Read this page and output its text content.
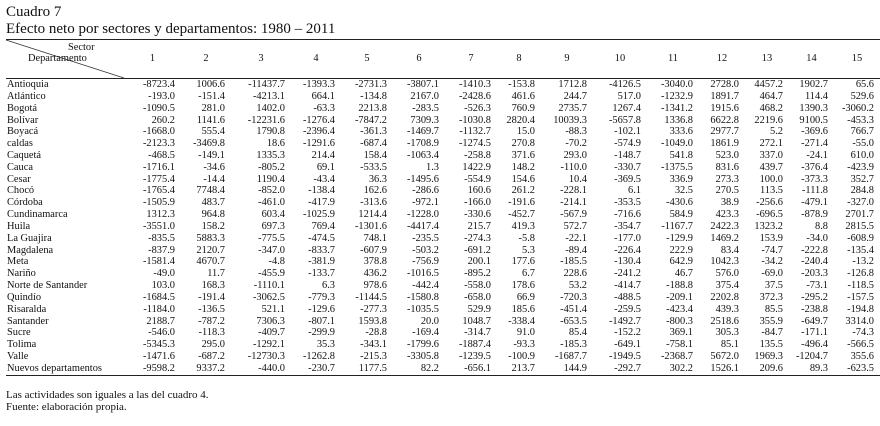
Cuadro 7
Efecto neto por sectores y departamentos: 1980 – 2011
Sector
Departamento	1	2	3	4	5	6	7	8	9	10	11	12	13	14	15
Antioquia	-8723.4	1006.6	-11437.7	-1393.3	-2731.3	-3807.1	-1410.3	-153.8	1712.8	-4126.5	-3040.0	2728.0	4457.2	1902.7	65.6
Atlántico	-193.0	-151.4	-4213.1	664.1	-134.8	2167.0	-2428.6	461.6	244.7	517.0	-1232.9	1891.7	464.7	114.4	529.6
Bogotá	-1090.5	281.0	1402.0	-63.3	2213.8	-283.5	-526.3	760.9	2735.7	1267.4	-1341.2	1915.6	468.2	1390.3	-3060.2
Bolívar	260.2	1141.6	-12231.6	-1276.4	-7847.2	7309.3	-1030.8	2820.4	10039.3	-5657.8	1336.8	6622.8	2219.6	9100.5	-453.3
Boyacá	-1668.0	555.4	1790.8	-2396.4	-361.3	-1469.7	-1132.7	15.0	-88.3	-102.1	333.6	2977.7	5.2	-369.6	766.7
caldas	-2123.3	-3469.8	18.6	-1291.6	-687.4	-1708.9	-1274.5	270.8	-70.2	-574.9	-1049.0	1861.9	272.1	-271.4	-55.0
Caquetá	-468.5	-149.1	1335.3	214.4	158.4	-1063.4	-258.8	371.6	293.0	-148.7	541.8	523.0	337.0	-24.1	610.0
Cauca	-1716.1	-34.6	-805.2	69.1	-533.5	1.3	1422.9	148.2	-110.0	-330.7	-1375.5	831.6	439.7	-376.4	-423.9
Cesar	-1775.4	-14.4	1190.4	-43.4	36.3	-1495.6	-554.9	154.6	10.4	-369.5	336.9	273.3	100.0	-373.3	352.7
Chocó	-1765.4	7748.4	-852.0	-138.4	162.6	-286.6	160.6	261.2	-228.1	6.1	32.5	270.5	113.5	-111.8	284.8
Córdoba	-1505.9	483.7	-461.0	-417.9	-313.6	-972.1	-166.0	-191.6	-214.1	-353.5	-430.6	38.9	-256.6	-479.1	-327.0
Cundinamarca	1312.3	964.8	603.4	-1025.9	1214.4	-1228.0	-330.6	-452.7	-567.9	-716.6	584.9	423.3	-696.5	-878.9	2701.7
Huila	-3551.0	158.2	697.3	769.4	-1301.6	-4417.4	215.7	419.3	572.7	-354.7	-1167.7	2422.3	1323.2	8.8	2815.5
La Guajira	-835.5	5883.3	-775.5	-474.5	748.1	-235.5	-274.3	-5.8	-22.1	-177.0	-129.9	1469.2	153.9	-34.0	-608.9
Magdalena	-837.9	2120.7	-347.0	-833.7	-607.9	-503.2	-691.2	5.3	-89.4	-226.4	222.9	83.4	-74.7	-222.8	-135.4
Meta	-1581.4	4670.7	-4.8	-381.9	378.8	-756.9	200.1	177.6	-185.5	-130.4	642.9	1042.3	-34.2	-240.4	-13.2
Nariño	-49.0	11.7	-455.9	-133.7	436.2	-1016.5	-895.2	6.7	228.6	-241.2	46.7	576.0	-69.0	-203.3	-126.8
Norte de Santander	103.0	168.3	-1110.1	6.3	978.6	-442.4	-558.0	178.6	53.2	-414.7	-188.8	375.4	37.5	-73.1	-118.5
Quindío	-1684.5	-191.4	-3062.5	-779.3	-1144.5	-1580.8	-658.0	66.9	-720.3	-488.5	-209.1	2202.8	372.3	-295.2	-157.5
Risaralda	-1184.0	-136.5	521.1	-129.6	-277.3	-1035.5	529.9	185.6	-451.4	-259.5	-423.4	439.3	85.5	-238.8	-194.8
Santander	2188.7	-787.2	7306.3	-807.1	1593.8	20.0	1048.7	-338.4	-653.5	-1492.7	-800.3	2518.6	355.9	-649.7	3314.0
Sucre	-546.0	-118.3	-409.7	-299.9	-28.8	-169.4	-314.7	91.0	85.4	-152.2	369.1	305.3	-84.7	-171.1	-74.3
Tolima	-5345.3	295.0	-1292.1	35.3	-343.1	-1799.6	-1887.4	-93.3	-185.3	-649.1	-758.1	85.1	135.5	-496.4	-566.5
Valle	-1471.6	-687.2	-12730.3	-1262.8	-215.3	-3305.8	-1239.5	-100.9	-1687.7	-1949.5	-2368.7	5672.0	1969.3	-1204.7	355.6
Nuevos departamentos	-9598.2	9337.2	-440.0	-230.7	1177.5	82.2	-656.1	213.7	144.9	-292.7	302.2	1526.1	209.6	89.3	-623.5
Las actividades son iguales a las del cuadro 4.
Fuente: elaboración propia.
